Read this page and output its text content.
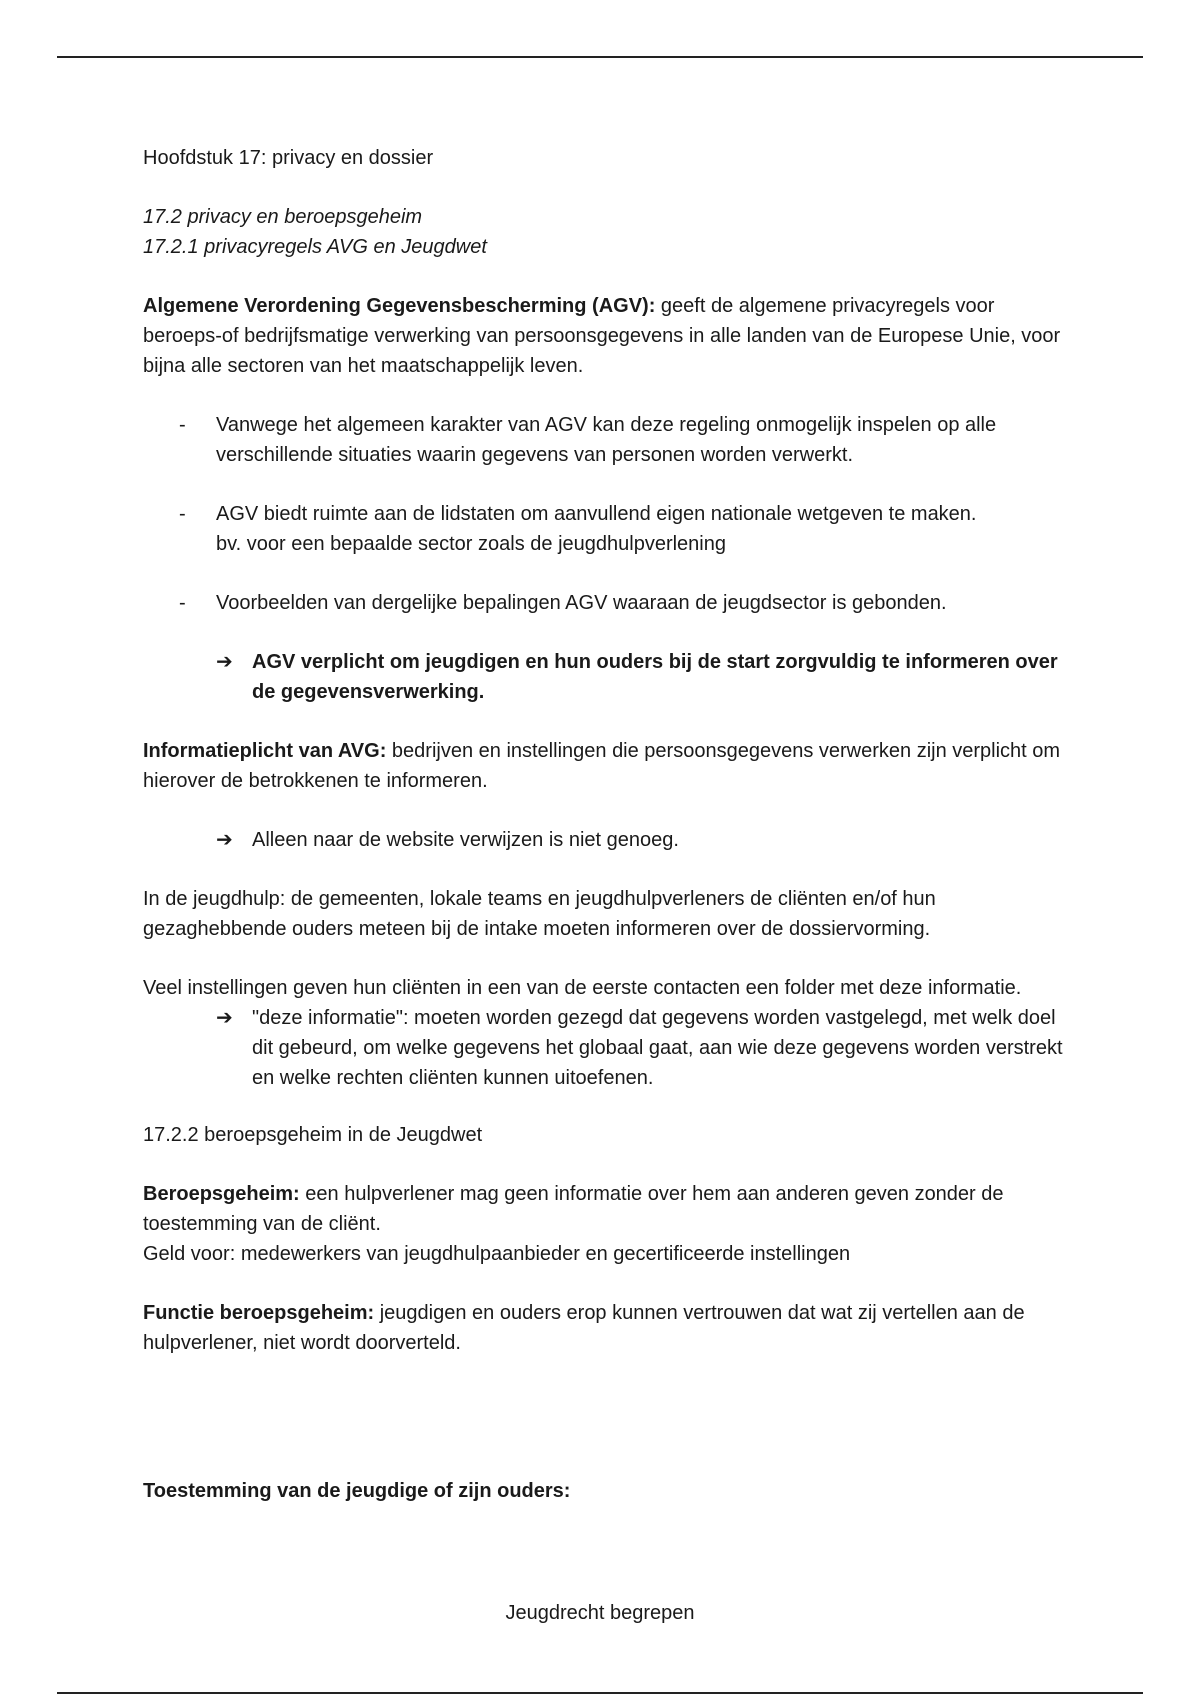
Hoofdstuk 17: privacy en dossier

17.2 privacy en beroepsgeheim

17.2.1 privacyregels AVG en Jeugdwet

Algemene Verordening Gegevensbescherming (AGV): geeft de algemene privacyregels voor beroeps-of bedrijfsmatige verwerking van persoonsgegevens in alle landen van de Europese Unie, voor bijna alle sectoren van het maatschappelijk leven.

- Vanwege het algemeen karakter van AGV kan deze regeling onmogelijk inspelen op alle verschillende situaties waarin gegevens van personen worden verwerkt.

- AGV biedt ruimte aan de lidstaten om aanvullend eigen nationale wetgeven te maken.

bv. voor een bepaalde sector zoals de jeugdhulpverlening

- Voorbeelden van dergelijke bepalingen AGV waaraan de jeugdsector is gebonden.

➔ AGV verplicht om jeugdigen en hun ouders bij de start zorgvuldig te informeren over de gegevensverwerking.

Informatieplicht van AVG: bedrijven en instellingen die persoonsgegevens verwerken zijn verplicht om hierover de betrokkenen te informeren.

➔ Alleen naar de website verwijzen is niet genoeg.

In de jeugdhulp: de gemeenten, lokale teams en jeugdhulpverleners de cliënten en/of hun gezaghebbende ouders meteen bij de intake moeten informeren over de dossiervorming.

Veel instellingen geven hun cliënten in een van de eerste contacten een folder met deze informatie.

➔ "deze informatie": moeten worden gezegd dat gegevens worden vastgelegd, met welk doel dit gebeurd, om welke gegevens het globaal gaat, aan wie deze gegevens worden verstrekt en welke rechten cliënten kunnen uitoefenen.

17.2.2 beroepsgeheim in de Jeugdwet

Beroepsgeheim: een hulpverlener mag geen informatie over hem aan anderen geven zonder de toestemming van de cliënt.

Geld voor: medewerkers van jeugdhulpaanbieder en gecertificeerde instellingen

Functie beroepsgeheim: jeugdigen en ouders erop kunnen vertrouwen dat wat zij vertellen aan de hulpverlener, niet wordt doorverteld.

Toestemming van de jeugdige of zijn ouders:

Jeugdrecht begrepen
